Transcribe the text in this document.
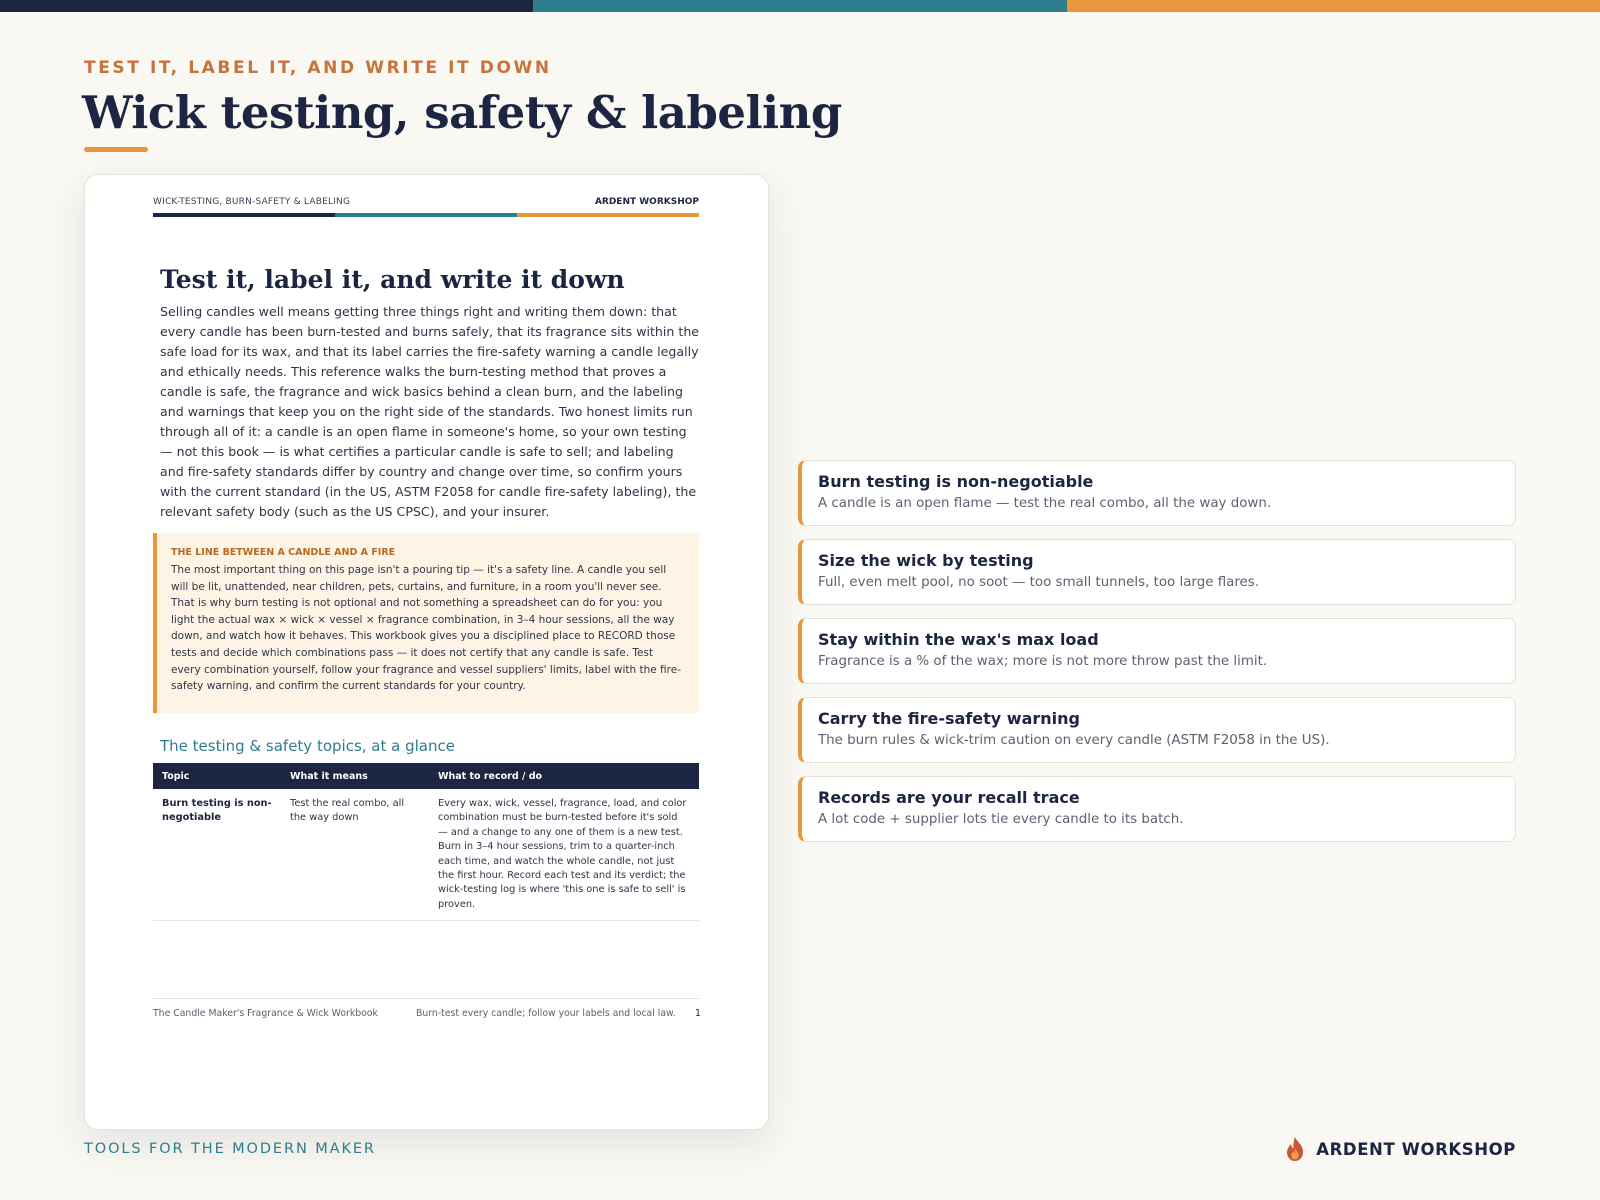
TEST IT, LABEL IT, AND WRITE IT DOWN
Wick testing, safety & labeling
WICK-TESTING, BURN-SAFETY & LABELING	ARDENT WORKSHOP
Test it, label it, and write it down

Selling candles well means getting three things right and writing them down: that every candle has been burn-tested and burns safely, that its fragrance sits within the safe load for its wax, and that its label carries the fire-safety warning a candle legally and ethically needs. This reference walks the burn-testing method that proves a candle is safe, the fragrance and wick basics behind a clean burn, and the labeling and warnings that keep you on the right side of the standards. Two honest limits run through all of it: a candle is an open flame in someone's home, so your own testing — not this book — is what certifies a particular candle is safe to sell; and labeling and fire-safety standards differ by country and change over time, so confirm yours with the current standard (in the US, ASTM F2058 for candle fire-safety labeling), the relevant safety body (such as the US CPSC), and your insurer.

THE LINE BETWEEN A CANDLE AND A FIRE
The most important thing on this page isn't a pouring tip — it's a safety line. A candle you sell will be lit, unattended, near children, pets, curtains, and furniture, in a room you'll never see. That is why burn testing is not optional and not something a spreadsheet can do for you: you light the actual wax × wick × vessel × fragrance combination, in 3–4 hour sessions, all the way down, and watch how it behaves. This workbook gives you a disciplined place to RECORD those tests and decide which combinations pass — it does not certify that any candle is safe. Test every combination yourself, follow your fragrance and vessel suppliers' limits, label with the fire-safety warning, and confirm the current standards for your country.
The testing & safety topics, at a glance
Topic	What it means	What to record / do
Burn testing is non-negotiable	Test the real combo, all the way down	Every wax, wick, vessel, fragrance, load, and color combination must be burn-tested before it's sold — and a change to any one of them is a new test. Burn in 3–4 hour sessions, trim to a quarter-inch each time, and watch the whole candle, not just the first hour. Record each test and its verdict; the wick-testing log is where 'this one is safe to sell' is proven.
The Candle Maker's Fragrance & Wick Workbook	Burn-test every candle; follow your labels and local law. 1
Burn testing is non-negotiable
A candle is an open flame — test the real combo, all the way down.
Size the wick by testing
Full, even melt pool, no soot — too small tunnels, too large flares.
Stay within the wax's max load
Fragrance is a % of the wax; more is not more throw past the limit.
Carry the fire-safety warning
The burn rules & wick-trim caution on every candle (ASTM F2058 in the US).
Records are your recall trace
A lot code + supplier lots tie every candle to its batch.
TOOLS FOR THE MODERN MAKER	ARDENT WORKSHOP
